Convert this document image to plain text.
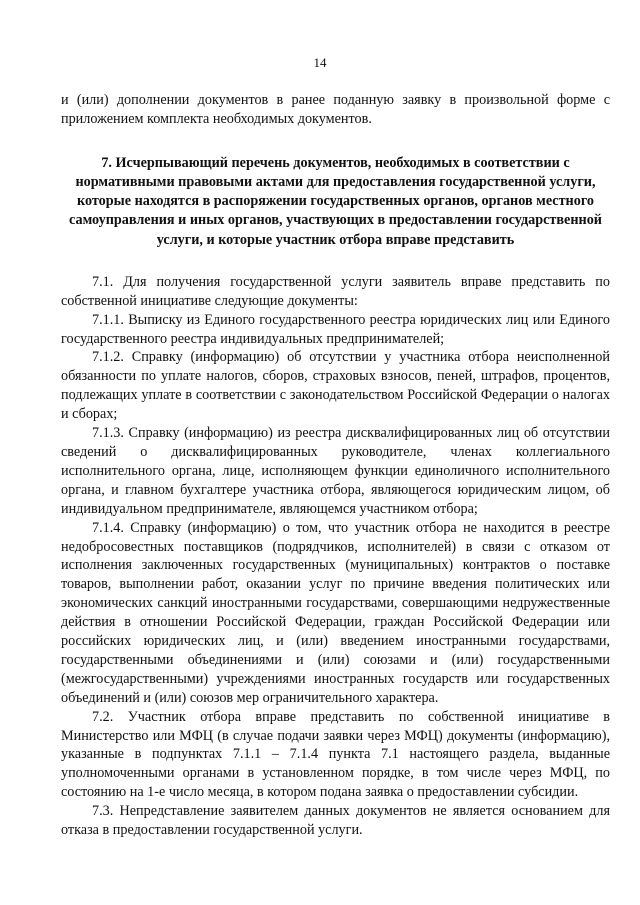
14

и (или) дополнении документов в ранее поданную заявку в произвольной форме с приложением комплекта необходимых документов.

7. Исчерпывающий перечень документов, необходимых в соответствии с нормативными правовыми актами для предоставления государственной услуги, которые находятся в распоряжении государственных органов, органов местного самоуправления и иных органов, участвующих в предоставлении государственной услуги, и которые участник отбора вправе представить

7.1. Для получения государственной услуги заявитель вправе представить по собственной инициативе следующие документы:

7.1.1. Выписку из Единого государственного реестра юридических лиц или Единого государственного реестра индивидуальных предпринимателей;

7.1.2. Справку (информацию) об отсутствии у участника отбора неисполненной обязанности по уплате налогов, сборов, страховых взносов, пеней, штрафов, процентов, подлежащих уплате в соответствии с законодательством Российской Федерации о налогах и сборах;

7.1.3. Справку (информацию) из реестра дисквалифицированных лиц об отсутствии сведений о дисквалифицированных руководителе, членах коллегиального исполнительного органа, лице, исполняющем функции единоличного исполнительного органа, и главном бухгалтере участника отбора, являющегося юридическим лицом, об индивидуальном предпринимателе, являющемся участником отбора;

7.1.4. Справку (информацию) о том, что участник отбора не находится в реестре недобросовестных поставщиков (подрядчиков, исполнителей) в связи с отказом от исполнения заключенных государственных (муниципальных) контрактов о поставке товаров, выполнении работ, оказании услуг по причине введения политических или экономических санкций иностранными государствами, совершающими недружественные действия в отношении Российской Федерации, граждан Российской Федерации или российских юридических лиц, и (или) введением иностранными государствами, государственными объединениями и (или) союзами и (или) государственными (межгосударственными) учреждениями иностранных государств или государственных объединений и (или) союзов мер ограничительного характера.

7.2. Участник отбора вправе представить по собственной инициативе в Министерство или МФЦ (в случае подачи заявки через МФЦ) документы (информацию), указанные в подпунктах 7.1.1 – 7.1.4 пункта 7.1 настоящего раздела, выданные уполномоченными органами в установленном порядке, в том числе через МФЦ, по состоянию на 1-е число месяца, в котором подана заявка о предоставлении субсидии.

7.3. Непредставление заявителем данных документов не является основанием для отказа в предоставлении государственной услуги.
